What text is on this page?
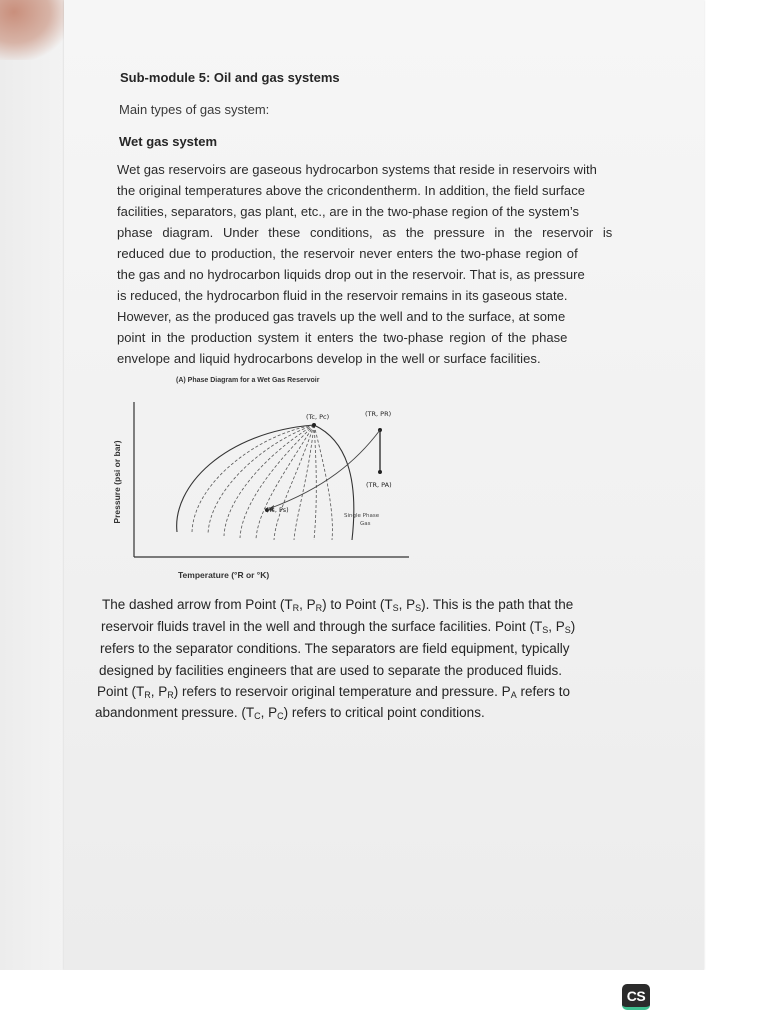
Sub-module 5: Oil and gas systems
Main types of gas system:
Wet gas system
Wet gas reservoirs are gaseous hydrocarbon systems that reside in reservoirs with
the original temperatures above the cricondentherm. In addition, the field surface
facilities, separators, gas plant, etc., are in the two-phase region of the system’s
phase diagram. Under these conditions, as the pressure in the reservoir is
reduced due to production, the reservoir never enters the two-phase region of
the gas and no hydrocarbon liquids drop out in the reservoir. That is, as pressure
is reduced, the hydrocarbon fluid in the reservoir remains in its gaseous state.
However, as the produced gas travels up the well and to the surface, at some
point in the production system it enters the two-phase region of the phase
envelope and liquid hydrocarbons develop in the well or surface facilities.
(A) Phase Diagram for a Wet Gas Reservoir
Pressure (psi or bar)
Temperature (°R or °K)
(Tc, Pc)	(TR, PR)
(TR, PA)
(Ts, Ps)
Single Phase
Gas
The dashed arrow from Point ($T_R$, $P_R$) to Point ($T_S$, $P_S$). This is the path that the
reservoir fluids travel in the well and through the surface facilities. Point ($T_S$, $P_S$)
refers to the separator conditions. The separators are field equipment, typically
designed by facilities engineers that are used to separate the produced fluids.
Point ($T_R$, $P_R$) refers to reservoir original temperature and pressure. $P_A$ refers to
abandonment pressure. ($T_C$, $P_C$) refers to critical point conditions.
CS
